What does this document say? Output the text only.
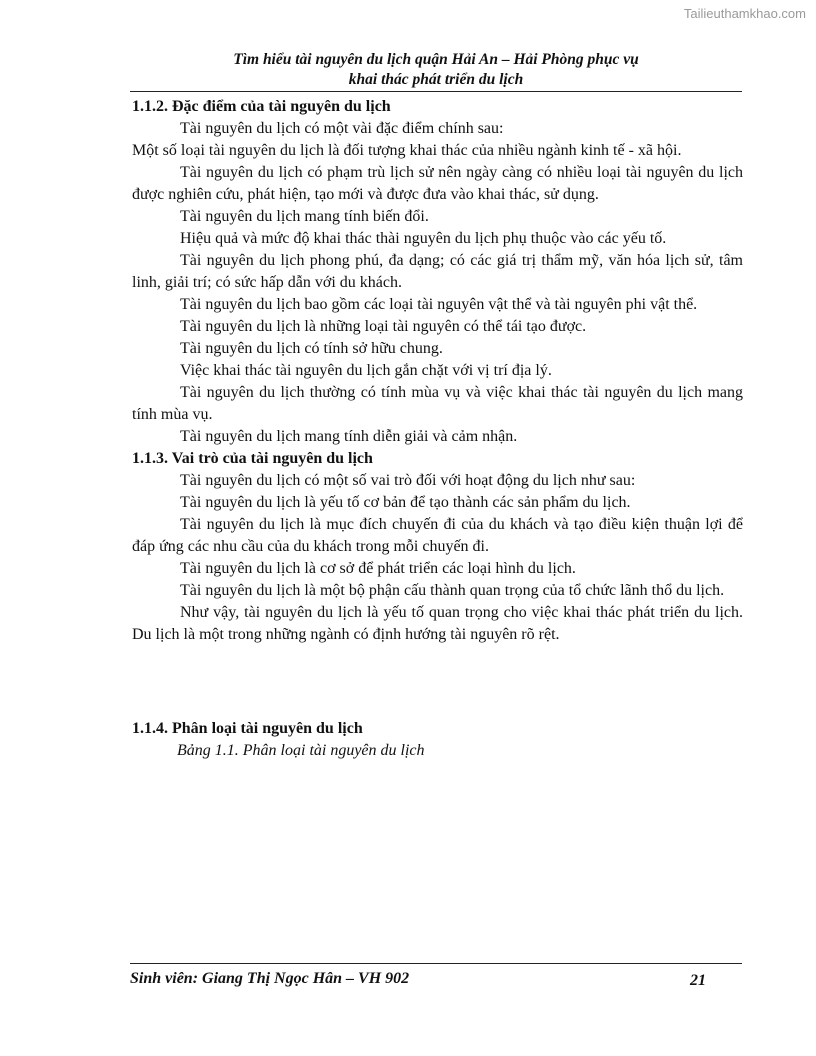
Tailieuthamkhao.com
Tìm hiểu tài nguyên du lịch quận Hải An – Hải Phòng phục vụ
khai thác phát triển du lịch

1.1.2. Đặc điểm của tài nguyên du lịch

Tài nguyên du lịch có một vài đặc điểm chính sau:

Một số loại tài nguyên du lịch là đối tượng khai thác của nhiều ngành kinh tế - xã hội.

Tài nguyên du lịch có phạm trù lịch sử nên ngày càng có nhiều loại tài nguyên du lịch được nghiên cứu, phát hiện, tạo mới và được đưa vào khai thác, sử dụng.

Tài nguyên du lịch mang tính biến đổi.

Hiệu quả và mức độ khai thác thài nguyên du lịch phụ thuộc vào các yếu tố.

Tài nguyên du lịch phong phú, đa dạng; có các giá trị thẩm mỹ, văn hóa lịch sử, tâm linh, giải trí; có sức hấp dẫn với du khách.

Tài nguyên du lịch bao gồm các loại tài nguyên vật thể và tài nguyên phi vật thể.

Tài nguyên du lịch là những loại tài nguyên có thể tái tạo được.

Tài nguyên du lịch có tính sở hữu chung.

Việc khai thác tài nguyên du lịch gắn chặt với vị trí địa lý.

Tài nguyên du lịch thường có tính mùa vụ và việc khai thác tài nguyên du lịch mang tính mùa vụ.

Tài nguyên du lịch mang tính diễn giải và cảm nhận.

1.1.3. Vai trò của tài nguyên du lịch

Tài nguyên du lịch có một số vai trò đối với hoạt động du lịch như sau:

Tài nguyên du lịch là yếu tố cơ bản để tạo thành các sản phẩm du lịch.

Tài nguyên du lịch là mục đích chuyến đi của du khách và tạo điều kiện thuận lợi để đáp ứng các nhu cầu của du khách trong mỗi chuyến đi.

Tài nguyên du lịch là cơ sở để phát triển các loại hình du lịch.

Tài nguyên du lịch là một bộ phận cấu thành quan trọng của tổ chức lãnh thổ du lịch.

Như vậy, tài nguyên du lịch là yếu tố quan trọng cho việc khai thác phát triển du lịch. Du lịch là một trong những ngành có định hướng tài nguyên rõ rệt.

1.1.4. Phân loại tài nguyên du lịch

Bảng 1.1. Phân loại tài nguyên du lịch

Sinh viên: Giang Thị Ngọc Hân – VH 902	21
